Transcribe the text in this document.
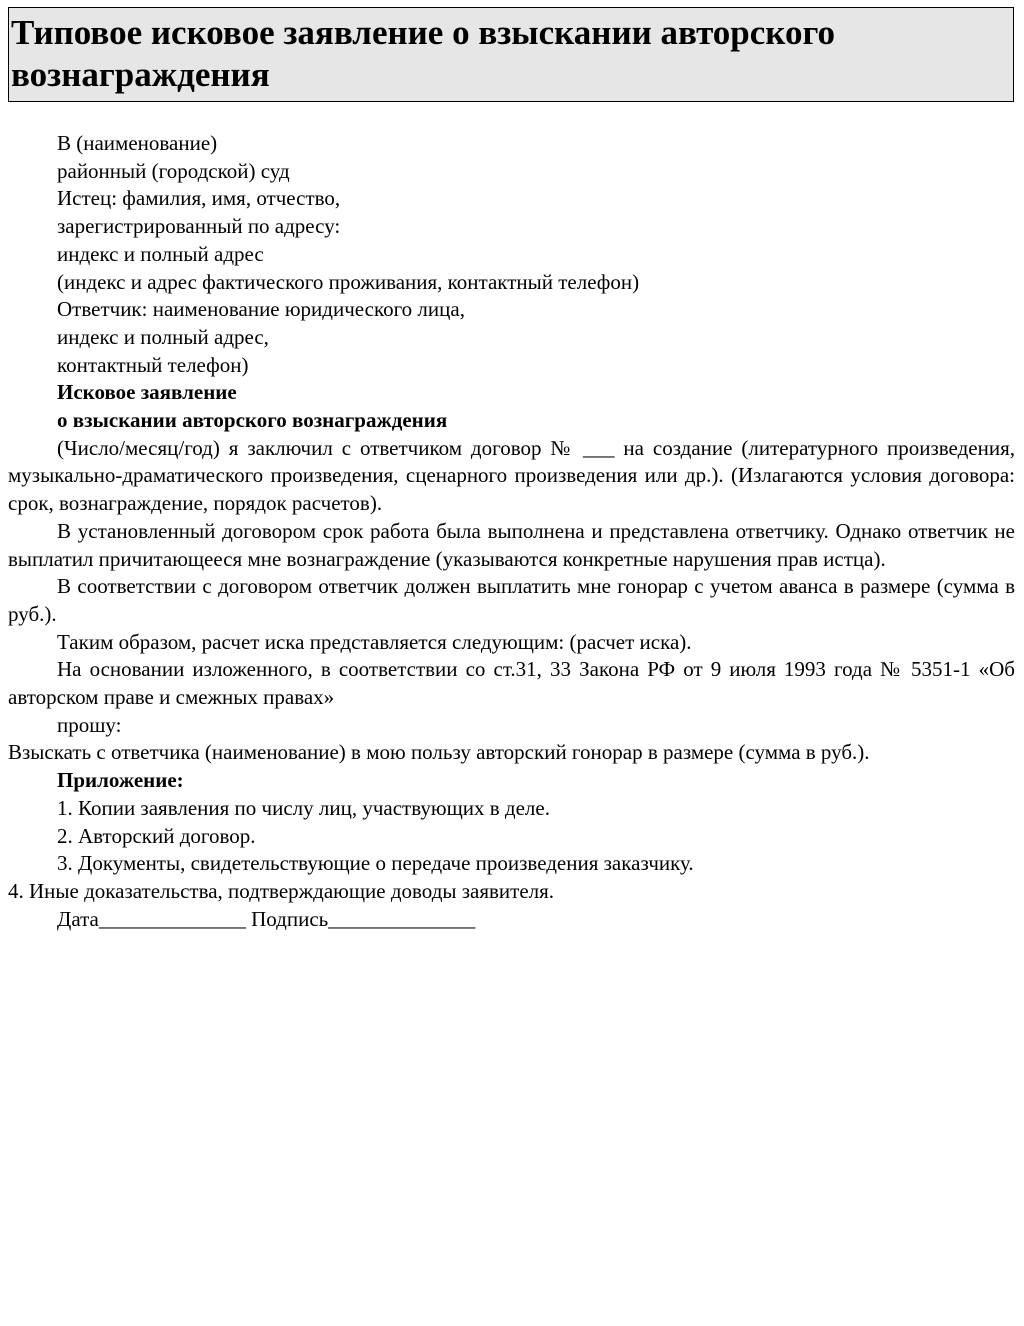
Типовое исковое заявление о взыскании авторского вознаграждения

В (наименование)

районный (городской) суд

Истец: фамилия, имя, отчество,

зарегистрированный по адресу:

индекс и полный адрес

(индекс и адрес фактического проживания, контактный телефон)

Ответчик: наименование юридического лица,

индекс и полный адрес,

контактный телефон)

Исковое заявление

о взыскании авторского вознаграждения

(Число/месяц/год) я заключил с ответчиком договор № ___ на создание (литературного произведения, музыкально-драматического произведения, сценарного произведения или др.). (Излагаются условия договора: срок, вознаграждение, порядок расчетов).

В установленный договором срок работа была выполнена и представлена ответчику. Однако ответчик не выплатил причитающееся мне вознаграждение (указываются конкретные нарушения прав истца).

В соответствии с договором ответчик должен выплатить мне гонорар с учетом аванса в размере (сумма в руб.).

Таким образом, расчет иска представляется следующим: (расчет иска).

На основании изложенного, в соответствии со ст.31, 33 Закона РФ от 9 июля 1993 года № 5351-1 «Об авторском праве и смежных правах»

прошу:

Взыскать с ответчика (наименование) в мою пользу авторский гонорар в размере (сумма в руб.).

Приложение:

1. Копии заявления по числу лиц, участвующих в деле.

2. Авторский договор.

3. Документы, свидетельствующие о передаче произведения заказчику.

4. Иные доказательства, подтверждающие доводы заявителя.

Дата______________ Подпись______________
